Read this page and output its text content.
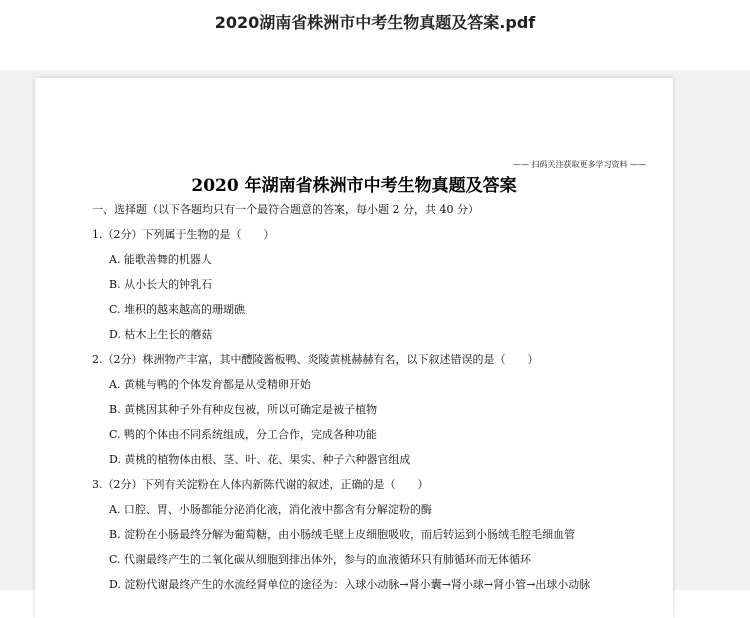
2020湖南省株洲市中考生物真题及答案.pdf
—— 扫码关注获取更多学习资料 ——
2020 年湖南省株洲市中考生物真题及答案
一、选择题（以下各题均只有一个最符合题意的答案，每小题 2 分，共 40 分）
1.（2分）下列属于生物的是（　　）
A. 能歌善舞的机器人
B. 从小长大的钟乳石
C. 堆积的越来越高的珊瑚礁
D. 枯木上生长的蘑菇
2.（2分）株洲物产丰富，其中醴陵酱板鸭、炎陵黄桃赫赫有名，以下叙述错误的是（　　）
A. 黄桃与鸭的个体发育都是从受精卵开始
B. 黄桃因其种子外有种皮包被，所以可确定是被子植物
C. 鸭的个体由不同系统组成，分工合作，完成各种功能
D. 黄桃的植物体由根、茎、叶、花、果实、种子六种器官组成
3.（2分）下列有关淀粉在人体内新陈代谢的叙述，正确的是（　　）
A. 口腔、胃、小肠都能分泌消化液，消化液中都含有分解淀粉的酶
B. 淀粉在小肠最终分解为葡萄糖，由小肠绒毛壁上皮细胞吸收，而后转运到小肠绒毛腔毛细血管
C. 代谢最终产生的二氧化碳从细胞到排出体外，参与的血液循环只有肺循环而无体循环
D. 淀粉代谢最终产生的水流经肾单位的途径为：入球小动脉→肾小囊→肾小球→肾小管→出球小动脉
